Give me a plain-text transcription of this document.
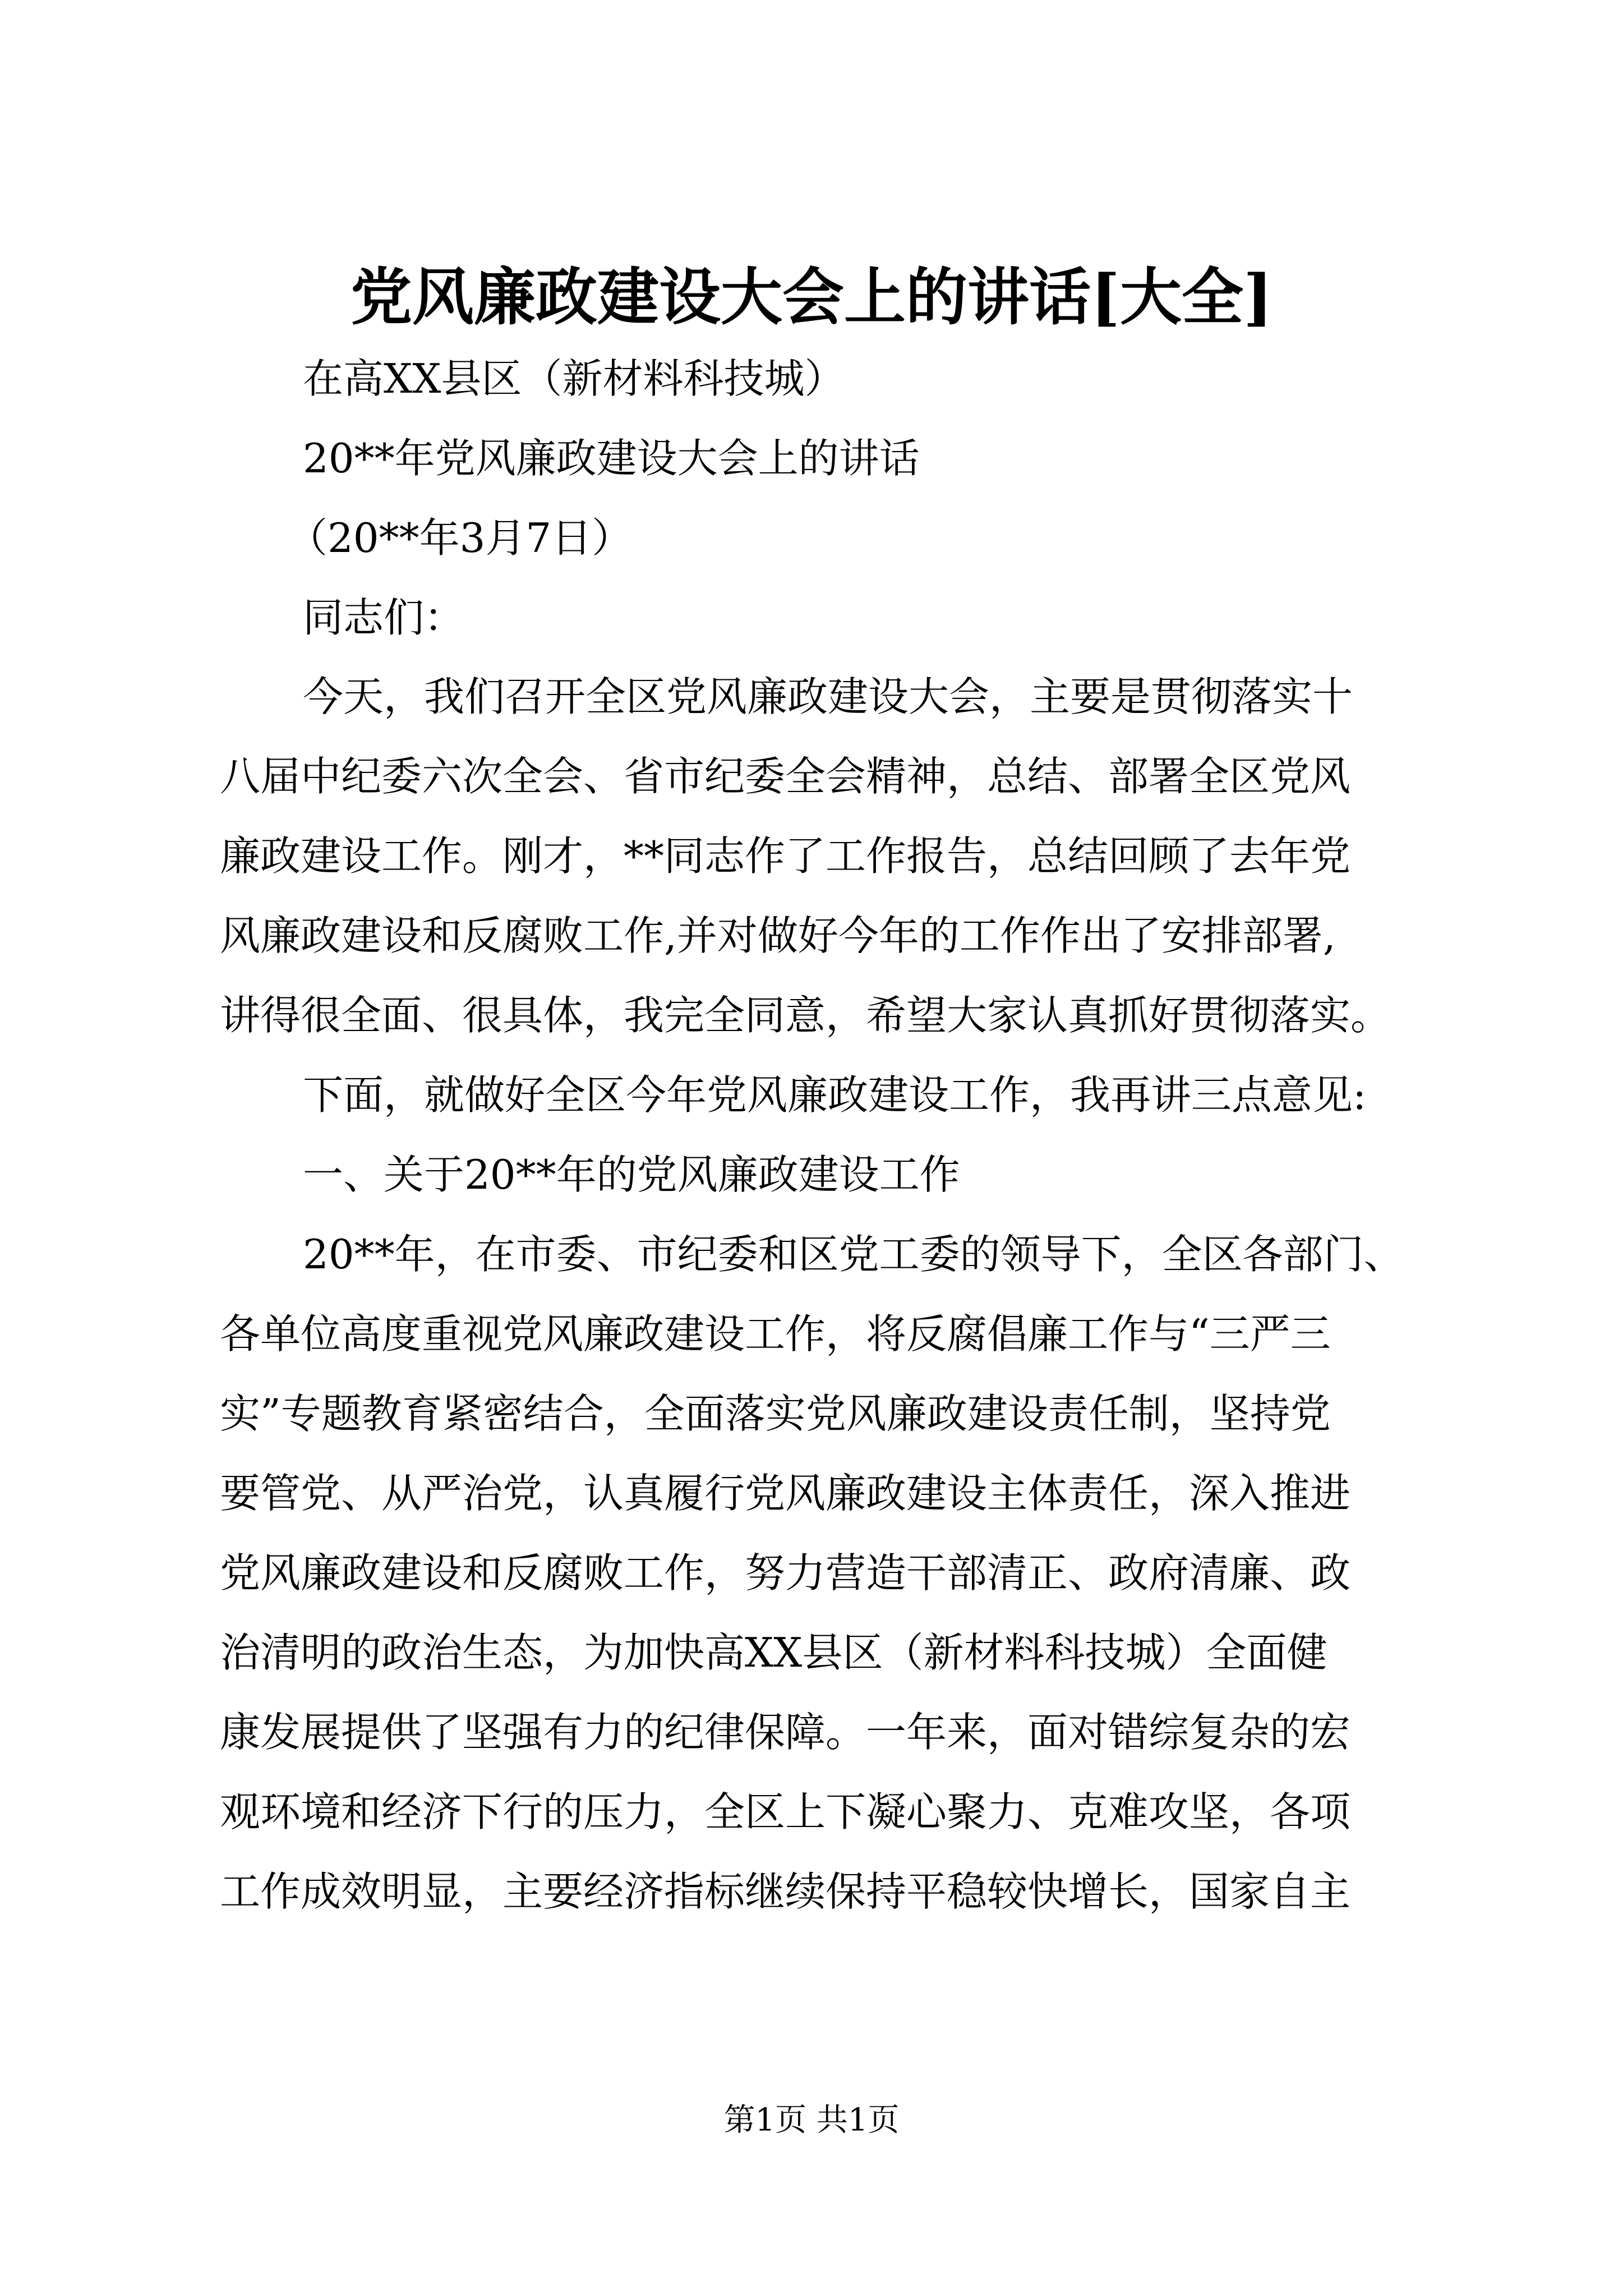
党风廉政建设大会上的讲话[大全]
在高XX县区（新材料科技城）
20**年党风廉政建设大会上的讲话
（20**年3月7日）
同志们：
今天，我们召开全区党风廉政建设大会，主要是贯彻落实十
八届中纪委六次全会、省市纪委全会精神，总结、部署全区党风
廉政建设工作。刚才，**同志作了工作报告，总结回顾了去年党
风廉政建设和反腐败工作,并对做好今年的工作作出了安排部署,
讲得很全面、很具体，我完全同意，希望大家认真抓好贯彻落实。
下面，就做好全区今年党风廉政建设工作，我再讲三点意见:
一、关于20**年的党风廉政建设工作
20**年，在市委、市纪委和区党工委的领导下，全区各部门、
各单位高度重视党风廉政建设工作，将反腐倡廉工作与“三严三
实”专题教育紧密结合，全面落实党风廉政建设责任制，坚持党
要管党、从严治党，认真履行党风廉政建设主体责任，深入推进
党风廉政建设和反腐败工作，努力营造干部清正、政府清廉、政
治清明的政治生态，为加快高XX县区（新材料科技城）全面健
康发展提供了坚强有力的纪律保障。一年来，面对错综复杂的宏
观环境和经济下行的压力，全区上下凝心聚力、克难攻坚，各项
工作成效明显，主要经济指标继续保持平稳较快增长，国家自主
第1页 共1页
